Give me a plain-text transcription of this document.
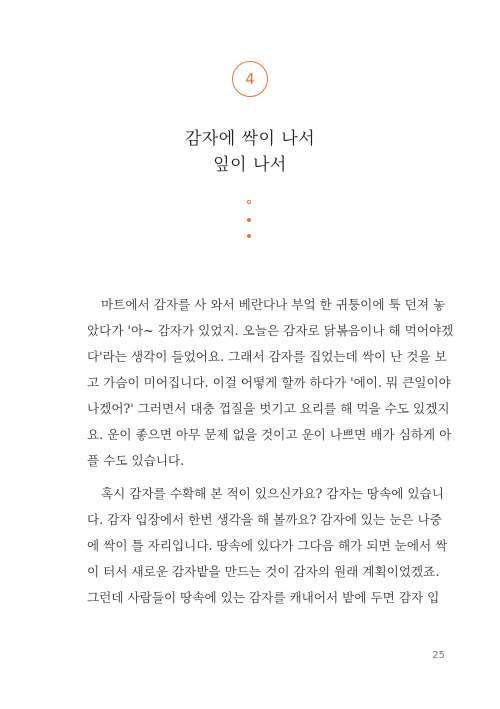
4
감자에 싹이 나서
잎이 나서
마트에서 감자를 사 와서 베란다나 부엌 한 귀퉁이에 툭 던져 놓
았다가 '아~ 감자가 있었지. 오늘은 감자로 닭볶음이나 해 먹어야겠
다'라는 생각이 들었어요. 그래서 감자를 집었는데 싹이 난 것을 보
고 가슴이 미어집니다. 이걸 어떻게 할까 하다가 '에이. 뭐 큰일이야
나겠어?' 그러면서 대충 껍질을 벗기고 요리를 해 먹을 수도 있겠지
요. 운이 좋으면 아무 문제 없을 것이고 운이 나쁘면 배가 심하게 아
플 수도 있습니다.
혹시 감자를 수확해 본 적이 있으신가요? 감자는 땅속에 있습니
다. 감자 입장에서 한번 생각을 해 볼까요? 감자에 있는 눈은 나중
에 싹이 틀 자리입니다. 땅속에 있다가 그다음 해가 되면 눈에서 싹
이 터서 새로운 감자밭을 만드는 것이 감자의 원래 계획이었겠죠.
그런데 사람들이 땅속에 있는 감자를 캐내어서 밭에 두면 감자 입
25
